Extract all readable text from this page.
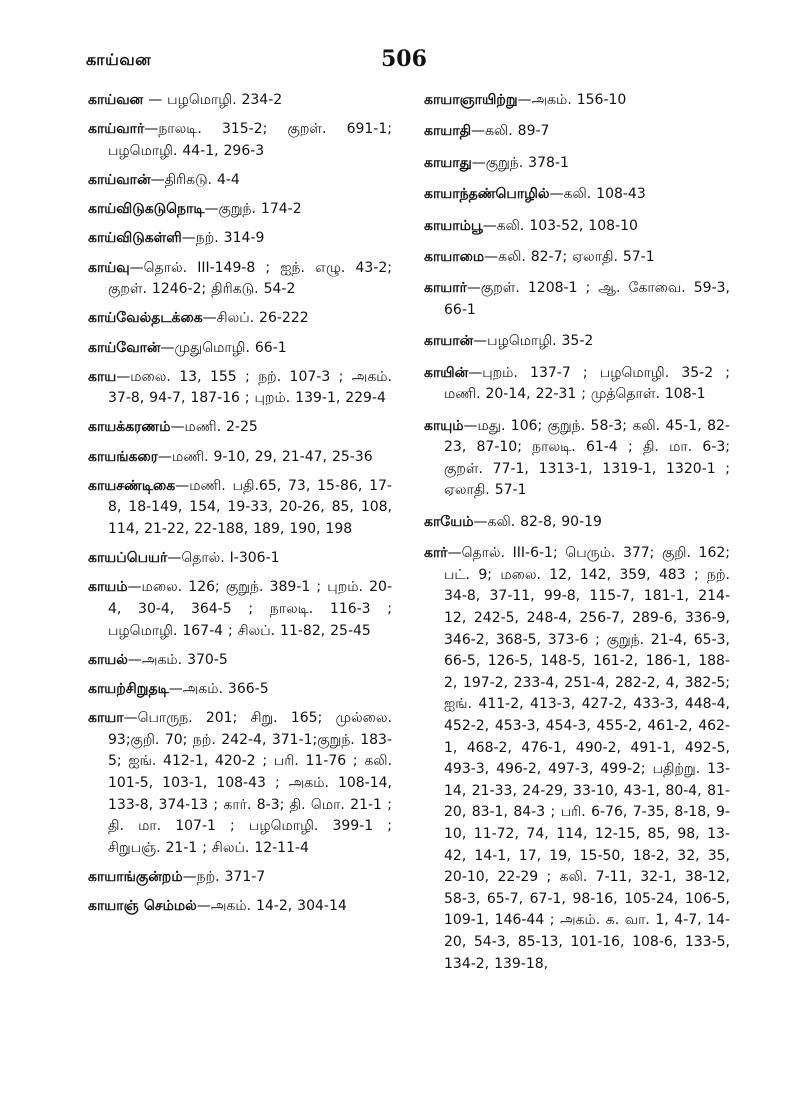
காய்வன	506

காய்வன — பழமொழி. 234-2

காய்வார்—நாலடி. 315-2; குறள். 691-1; பழமொழி. 44-1, 296-3

காய்வான்—திரிகடு. 4-4

காய்விடுகடுநொடி—குறுந். 174-2

காய்விடுகள்ளி—நற். 314-9

காய்வு—தொல். III-149-8 ; ஐந். எழு. 43-2; குறள். 1246-2; திரிகடு. 54-2

காய்வேல்தடக்கை—சிலப். 26-222

காய்வோன்—முதுமொழி. 66-1

காய—மலை. 13, 155 ; நற். 107-3 ; அகம். 37-8, 94-7, 187-16 ; புறம். 139-1, 229-4

காயக்கரணம்—மணி. 2-25

காயங்கரை—மணி. 9-10, 29, 21-47, 25-36

காயசண்டிகை—மணி. பதி.65, 73, 15-86, 17-8, 18-149, 154, 19-33, 20-26, 85, 108, 114, 21-22, 22-188, 189, 190, 198

காயப்பெயர்—தொல். I-306-1

காயம்—மலை. 126; குறுந். 389-1 ; புறம். 20-4, 30-4, 364-5 ; நாலடி. 116-3 ; பழமொழி. 167-4 ; சிலப். 11-82, 25-45

காயல்—அகம். 370-5

காயற்சிறுதடி—அகம். 366-5

காயா—பொருந. 201; சிறு. 165; முல்லை. 93;குறி. 70; நற். 242-4, 371-1;குறுந். 183-5; ஐங். 412-1, 420-2 ; பரி. 11-76 ; கலி. 101-5, 103-1, 108-43 ; அகம். 108-14, 133-8, 374-13 ; கார். 8-3; தி. மொ. 21-1 ; தி. மா. 107-1 ; பழமொழி. 399-1 ; சிறுபஞ். 21-1 ; சிலப். 12-11-4

காயாங்குன்றம்—நற். 371-7

காயாஞ் செம்மல்—அகம். 14-2, 304-14

காயாஞாயிற்று—அகம். 156-10

காயாதி—கலி. 89-7

காயாது—குறுந். 378-1

காயாந்தண்பொழில்—கலி. 108-43

காயாம்பூ—கலி. 103-52, 108-10

காயாமை—கலி. 82-7; ஏலாதி. 57-1

காயார்—குறள். 1208-1 ; ஆ. கோவை. 59-3, 66-1

காயான்—பழமொழி. 35-2

காயின்—புறம். 137-7 ; பழமொழி. 35-2 ; மணி. 20-14, 22-31 ; முத்தொள். 108-1

காயும்—மது. 106; குறுந். 58-3; கலி. 45-1, 82-23, 87-10; நாலடி. 61-4 ; தி. மா. 6-3; குறள். 77-1, 1313-1, 1319-1, 1320-1 ; ஏலாதி. 57-1

காயேம்—கலி. 82-8, 90-19

கார்—தொல். III-6-1; பெரும். 377; குறி. 162; பட். 9; மலை. 12, 142, 359, 483 ; நற். 34-8, 37-11, 99-8, 115-7, 181-1, 214-12, 242-5, 248-4, 256-7, 289-6, 336-9, 346-2, 368-5, 373-6 ; குறுந். 21-4, 65-3, 66-5, 126-5, 148-5, 161-2, 186-1, 188-2, 197-2, 233-4, 251-4, 282-2, 4, 382-5; ஐங். 411-2, 413-3, 427-2, 433-3, 448-4, 452-2, 453-3, 454-3, 455-2, 461-2, 462-1, 468-2, 476-1, 490-2, 491-1, 492-5, 493-3, 496-2, 497-3, 499-2; பதிற்று. 13-14, 21-33, 24-29, 33-10, 43-1, 80-4, 81-20, 83-1, 84-3 ; பரி. 6-76, 7-35, 8-18, 9-10, 11-72, 74, 114, 12-15, 85, 98, 13-42, 14-1, 17, 19, 15-50, 18-2, 32, 35, 20-10, 22-29 ; கலி. 7-11, 32-1, 38-12, 58-3, 65-7, 67-1, 98-16, 105-24, 106-5, 109-1, 146-44 ; அகம். க. வா. 1, 4-7, 14-20, 54-3, 85-13, 101-16, 108-6, 133-5, 134-2, 139-18,
